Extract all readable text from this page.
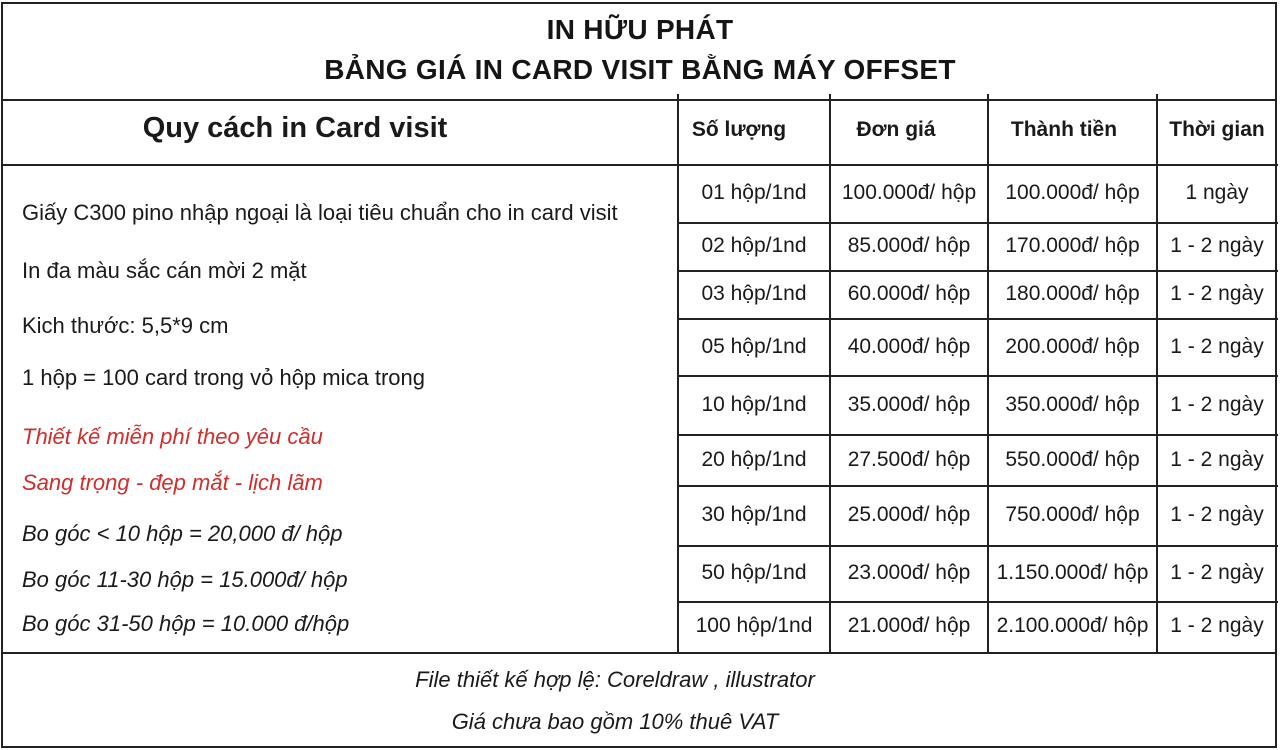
IN HỮU PHÁT
BẢNG GIÁ IN CARD VISIT BẰNG MÁY OFFSET
Quy cách in Card visit
Giấy C300 pino nhập ngoại là loại tiêu chuẩn cho in card visit
In đa màu sắc cán mời 2 mặt
Kich thước: 5,5*9 cm
1 hộp = 100 card trong vỏ hộp mica trong
Thiết kế miễn phí theo yêu cầu
Sang trọng - đẹp mắt - lịch lãm
Bo góc < 10 hộp = 20,000 đ/ hộp
Bo góc 11-30 hộp = 15.000đ/ hộp
Bo góc 31-50 hộp = 10.000 đ/hộp
Số lượng	Đơn giá	Thành tiền	Thời gian
01 hộp/1nd	100.000đ/ hộp	100.000đ/ hộp	1 ngày
02 hộp/1nd	85.000đ/ hộp	170.000đ/ hộp	1 - 2 ngày
03 hộp/1nd	60.000đ/ hộp	180.000đ/ hộp	1 - 2 ngày
05 hộp/1nd	40.000đ/ hộp	200.000đ/ hộp	1 - 2 ngày
10 hộp/1nd	35.000đ/ hộp	350.000đ/ hộp	1 - 2 ngày
20 hộp/1nd	27.500đ/ hộp	550.000đ/ hộp	1 - 2 ngày
30 hộp/1nd	25.000đ/ hộp	750.000đ/ hộp	1 - 2 ngày
50 hộp/1nd	23.000đ/ hộp	1.150.000đ/ hộp	1 - 2 ngày
100 hộp/1nd	21.000đ/ hộp	2.100.000đ/ hộp	1 - 2 ngày
File thiết kế hợp lệ: Coreldraw , illustrator
Giá chưa bao gồm 10% thuê VAT
